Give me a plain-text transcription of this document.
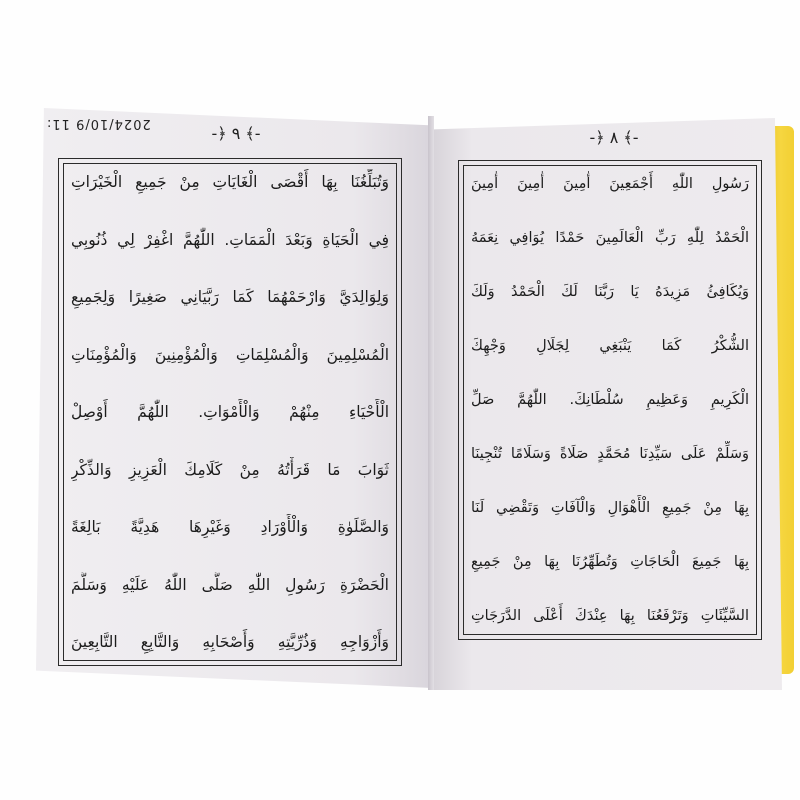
2024/10/9 11:
-﴿ ٩ ﴾-	-﴿ ٨ ﴾-
وَتُبَلِّغُنَا بِهَا أَقْصَى الْغَايَاتِ مِنْ جَمِيعِ الْخَيْرَاتِ
فِي الْحَيَاةِ وَبَعْدَ الْمَمَاتِ. اللّٰهُمَّ اغْفِرْ لِي ذُنُوبِي
وَلِوَالِدَيَّ وَارْحَمْهُمَا كَمَا رَبَّيَانِي صَغِيرًا وَلِجَمِيعِ
الْمُسْلِمِينَ وَالْمُسْلِمَاتِ وَالْمُؤْمِنِينَ وَالْمُؤْمِنَاتِ
الْأَحْيَاءِ مِنْهُمْ وَالْأَمْوَاتِ. اللّٰهُمَّ أَوْصِلْ
ثَوَابَ مَا قَرَأْتُهُ مِنْ كَلَامِكَ الْعَزِيزِ وَالذِّكْرِ
وَالصَّلَوٰةِ وَالْأَوْرَادِ وَغَيْرِهَا هَدِيَّةً بَالِغَةً
الْحَضْرَةِ رَسُولِ اللّٰهِ صَلَّى اللّٰهُ عَلَيْهِ وَسَلَّمَ
وَأَزْوَاجِهِ وَذُرِّيَّتِهِ وَأَصْحَابِهِ وَالتَّابِعِ التَّابِعِينَ
رَسُولِ اللّٰهِ أَجْمَعِينَ أٰمِينَ أٰمِينَ أٰمِينَ
الْحَمْدُ لِلّٰهِ رَبِّ الْعَالَمِينَ حَمْدًا يُوَافِي نِعَمَهُ
وَيُكَافِئُ مَزِيدَهُ يَا رَبَّنَا لَكَ الْحَمْدُ وَلَكَ
الشُّكْرُ كَمَا يَنْبَغِي لِجَلَالِ وَجْهِكَ
الْكَرِيمِ وَعَظِيمِ سُلْطَانِكَ. اللّٰهُمَّ صَلِّ
وَسَلِّمْ عَلَى سَيِّدِنَا مُحَمَّدٍ صَلَاةً وَسَلَامًا تُنْجِينَا
بِهَا مِنْ جَمِيعِ الْأَهْوَالِ وَالْآفَاتِ وَتَقْضِي لَنَا
بِهَا جَمِيعَ الْحَاجَاتِ وَتُطَهِّرُنَا بِهَا مِنْ جَمِيعِ
السَّيِّئَاتِ وَتَرْفَعُنَا بِهَا عِنْدَكَ أَعْلَى الدَّرَجَاتِ
